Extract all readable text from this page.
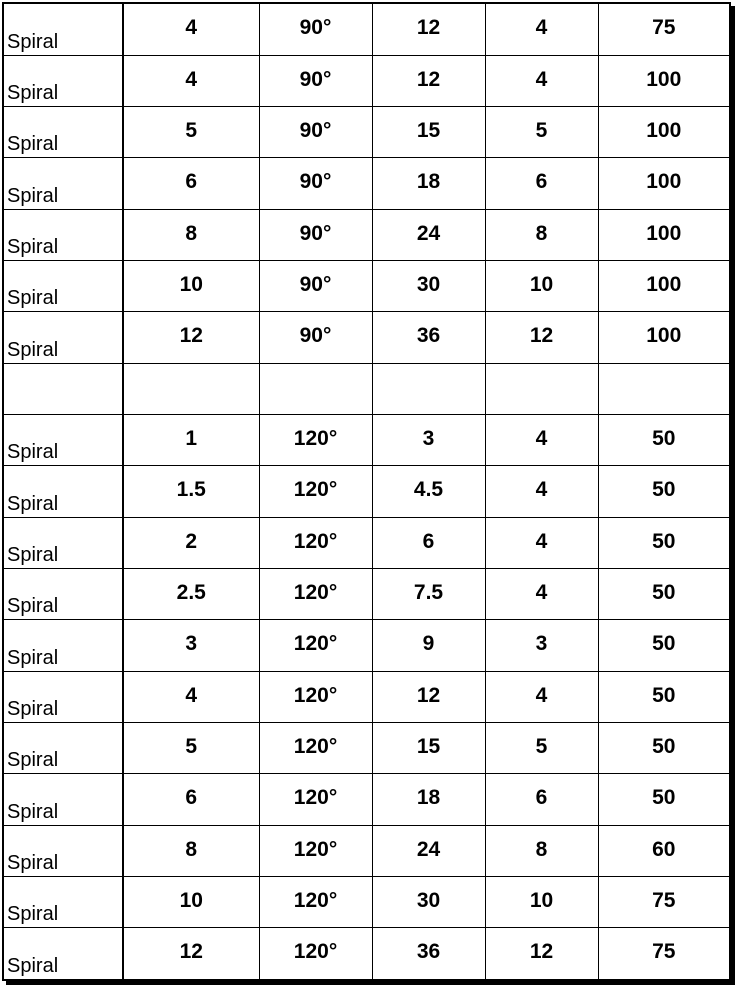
Spiral	4	90°	12	4	75
Spiral	4	90°	12	4	100
Spiral	5	90°	15	5	100
Spiral	6	90°	18	6	100
Spiral	8	90°	24	8	100
Spiral	10	90°	30	10	100
Spiral	12	90°	36	12	100

Spiral	1	120°	3	4	50
Spiral	1.5	120°	4.5	4	50
Spiral	2	120°	6	4	50
Spiral	2.5	120°	7.5	4	50
Spiral	3	120°	9	3	50
Spiral	4	120°	12	4	50
Spiral	5	120°	15	5	50
Spiral	6	120°	18	6	50
Spiral	8	120°	24	8	60
Spiral	10	120°	30	10	75
Spiral	12	120°	36	12	75
